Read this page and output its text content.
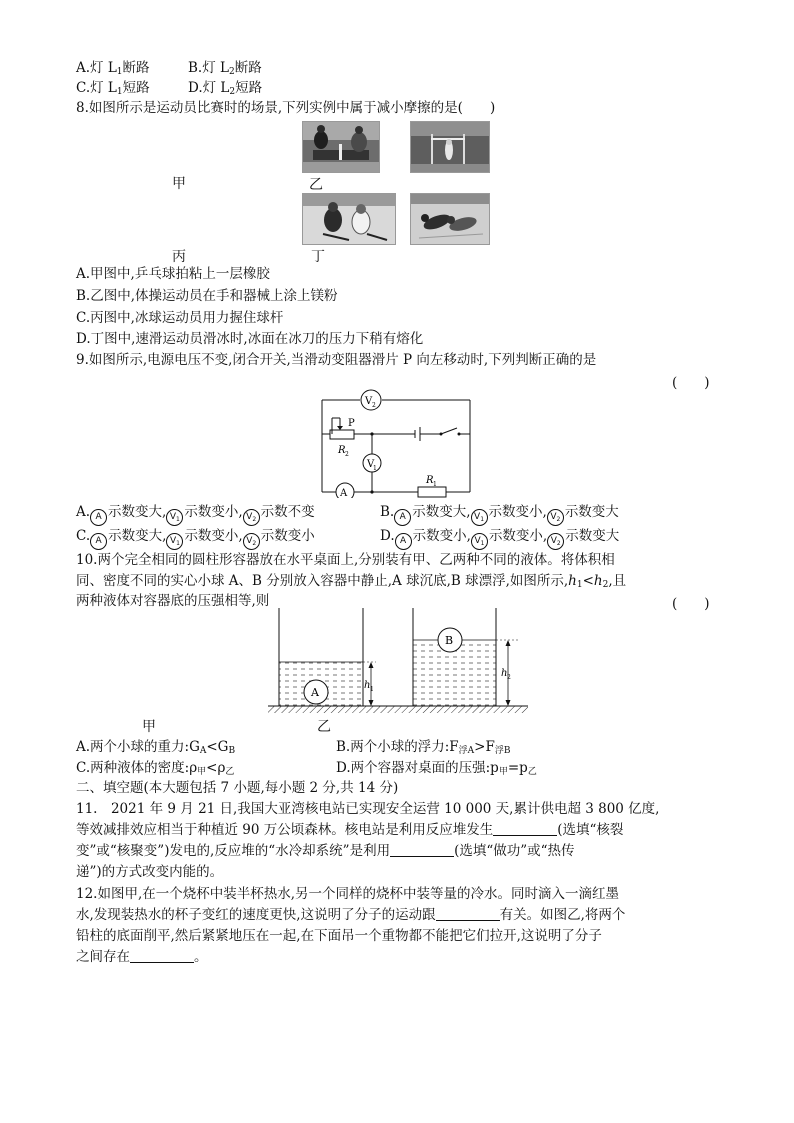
A.灯 $L_1$断路	B.灯 $L_2$断路
C.灯 $L_1$短路	D.灯 $L_2$短路
8.如图所示是运动员比赛时的场景,下列实例中属于减小摩擦的是(　　)
甲	乙
丙	丁
A.甲图中,乒乓球拍粘上一层橡胶
B.乙图中,体操运动员在手和器械上涂上镁粉
C.丙图中,冰球运动员用力握住球杆
D.丁图中,速滑运动员滑冰时,冰面在冰刀的压力下稍有熔化
9.如图所示,电源电压不变,闭合开关,当滑动变阻器滑片 P 向左移动时,下列判断正确的是
(　　)
V 2
P
R 2
V
1
A
R 1
A. A 示数变大, $V_1$ 示数变小, $V_2$ 示数不变	B. A 示数变大, $V_1$ 示数变小, $V_2$ 示数变大
C. A 示数变大, $V_1$ 示数变小, $V_2$ 示数变小	D. A 示数变小, $V_1$ 示数变小, $V_2$ 示数变大
10.两个完全相同的圆柱形容器放在水平桌面上,分别装有甲、乙两种不同的液体。将体积相
同、密度不同的实心小球 A、B 分别放入容器中静止,A 球沉底,B 球漂浮,如图所示$,h_1<h_2$,且
两种液体对容器底的压强相等,则	(　　)
A
h 1
B
h 2
甲	乙
A.两个小球的重力$:G_A<G_B$	B.两个小球的浮力$:F_{浮A}>F_{浮B}$
C.两种液体的密度$:\rho_甲<\rho_乙$	D.两个容器对桌面的压强$:p_甲=p_乙$
二、填空题(本大题包括 7 小题,每小题 2 分,共 14 分)
11.　2021 年 9 月 21 日,我国大亚湾核电站已实现安全运营 10 000 天,累计供电超 3 800 亿度,
等效减排效应相当于种植近 90 万公顷森林。核电站是利用反应堆发生	(选填“核裂
变”或“核聚变”)发电的,反应堆的“水冷却系统”是利用	(选填“做功”或“热传
递”)的方式改变内能的。
12.如图甲,在一个烧杯中装半杯热水,另一个同样的烧杯中装等量的冷水。同时滴入一滴红墨
水,发现装热水的杯子变红的速度更快,这说明了分子的运动跟	有关。如图乙,将两个
铅柱的底面削平,然后紧紧地压在一起,在下面吊一个重物都不能把它们拉开,这说明了分子
之间存在	。
